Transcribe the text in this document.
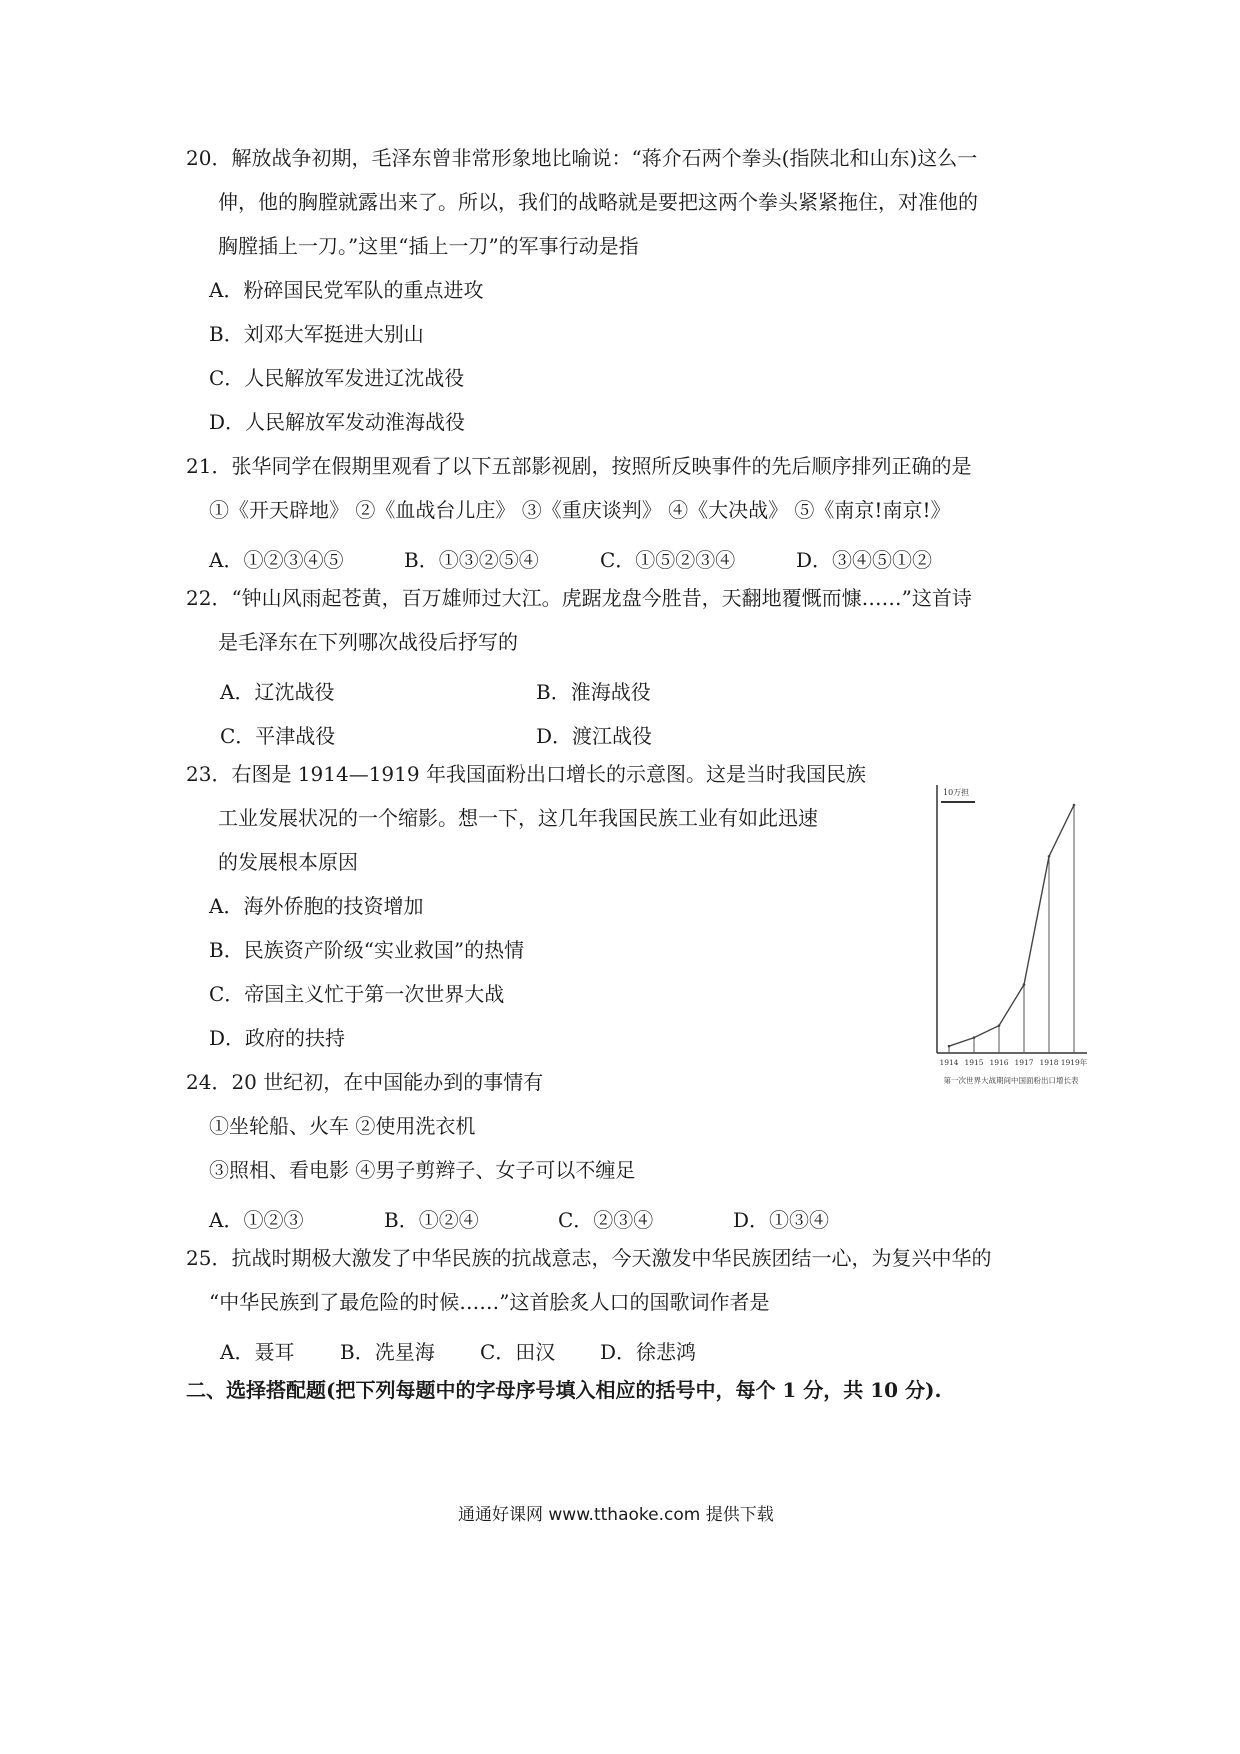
20．解放战争初期，毛泽东曾非常形象地比喻说：“蒋介石两个拳头(指陕北和山东)这么一
伸，他的胸膛就露出来了。所以，我们的战略就是要把这两个拳头紧紧拖住，对准他的
胸膛插上一刀。”这里“插上一刀”的军事行动是指
A．粉碎国民党军队的重点进攻
B．刘邓大军挺进大别山
C．人民解放军发进辽沈战役
D．人民解放军发动淮海战役
21．张华同学在假期里观看了以下五部影视剧，按照所反映事件的先后顺序排列正确的是
①《开天辟地》 ②《血战台儿庄》 ③《重庆谈判》 ④《大决战》 ⑤《南京!南京!》
A．①②③④⑤	B．①③②⑤④	C．①⑤②③④	D．③④⑤①②
22．“钟山风雨起苍黄，百万雄师过大江。虎踞龙盘今胜昔，天翻地覆慨而慷……”这首诗
是毛泽东在下列哪次战役后抒写的
A．辽沈战役	B．淮海战役
C．平津战役	D．渡江战役
23．右图是 1914—1919 年我国面粉出口增长的示意图。这是当时我国民族
工业发展状况的一个缩影。想一下，这几年我国民族工业有如此迅速
的发展根本原因
A．海外侨胞的技资增加
B．民族资产阶级“实业救国”的热情
C．帝国主义忙于第一次世界大战
D．政府的扶持
10万担
1914 1915 1916 1917 1918 1919年
第一次世界大战期间中国面粉出口增长表
24．20 世纪初，在中国能办到的事情有
①坐轮船、火车 ②使用洗衣机
③照相、看电影 ④男子剪辫子、女子可以不缠足
A．①②③	B．①②④	C．②③④	D．①③④
25．抗战时期极大激发了中华民族的抗战意志，今天激发中华民族团结一心，为复兴中华的
“中华民族到了最危险的时候……”这首脍炙人口的国歌词作者是
A．聂耳 B．冼星海 C．田汉 D．徐悲鸿
二、选择搭配题(把下列每题中的字母序号填入相应的括号中，每个 1 分，共 10 分).
通通好课网 www.tthaoke.com 提供下载
